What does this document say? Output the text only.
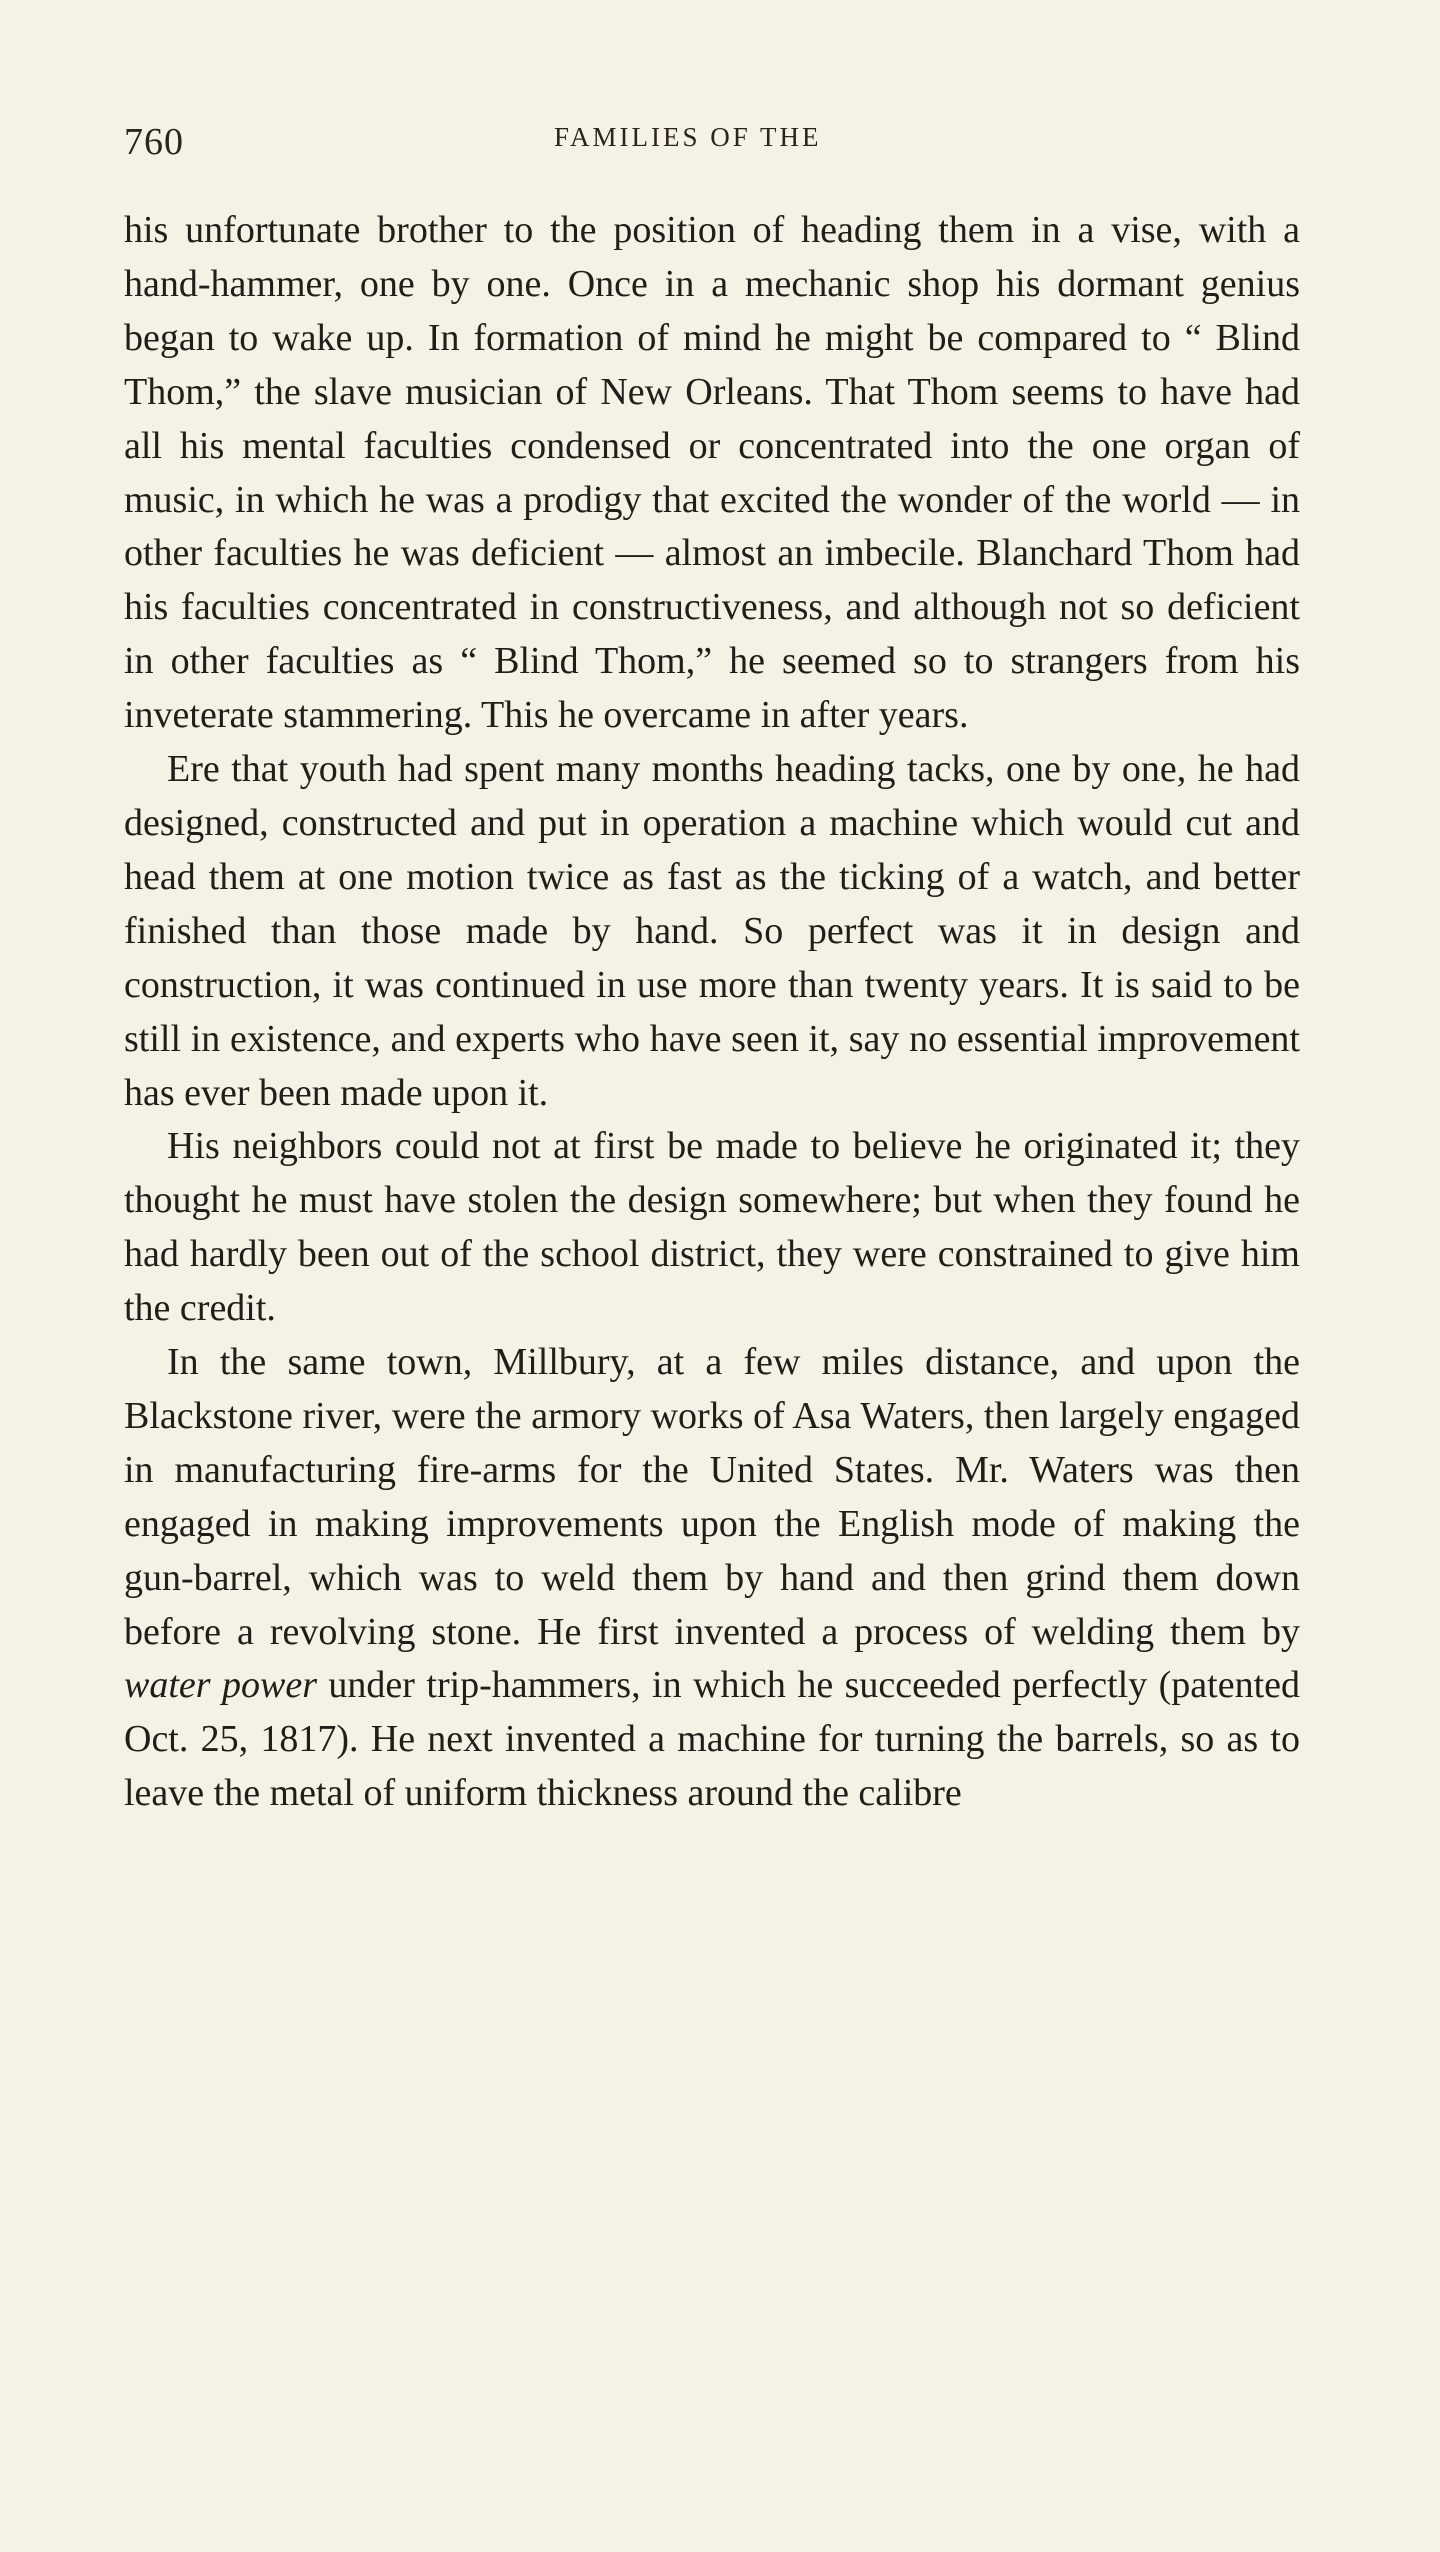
760	FAMILIES OF THE

his unfortunate brother to the position of heading them in a vise, with a hand-hammer, one by one. Once in a mechanic shop his dormant genius began to wake up. In formation of mind he might be compared to “ Blind Thom,” the slave musician of New Orleans. That Thom seems to have had all his mental faculties condensed or concentrated into the one organ of music, in which he was a prodigy that excited the wonder of the world — in other faculties he was deficient — almost an imbecile. Blanchard Thom had his faculties concentrated in constructiveness, and although not so deficient in other faculties as “ Blind Thom,” he seemed so to strangers from his inveterate stammering. This he overcame in after years.

Ere that youth had spent many months heading tacks, one by one, he had designed, constructed and put in operation a machine which would cut and head them at one motion twice as fast as the ticking of a watch, and better finished than those made by hand. So perfect was it in design and construction, it was continued in use more than twenty years. It is said to be still in existence, and experts who have seen it, say no essential improvement has ever been made upon it.

His neighbors could not at first be made to believe he originated it; they thought he must have stolen the design somewhere; but when they found he had hardly been out of the school district, they were constrained to give him the credit.

In the same town, Millbury, at a few miles distance, and upon the Blackstone river, were the armory works of Asa Waters, then largely engaged in manufacturing fire-arms for the United States. Mr. Waters was then engaged in making improvements upon the English mode of making the gun-barrel, which was to weld them by hand and then grind them down before a revolving stone. He first invented a process of welding them by water power under trip-hammers, in which he succeeded perfectly (patented Oct. 25, 1817). He next invented a machine for turning the barrels, so as to leave the metal of uniform thickness around the calibre
